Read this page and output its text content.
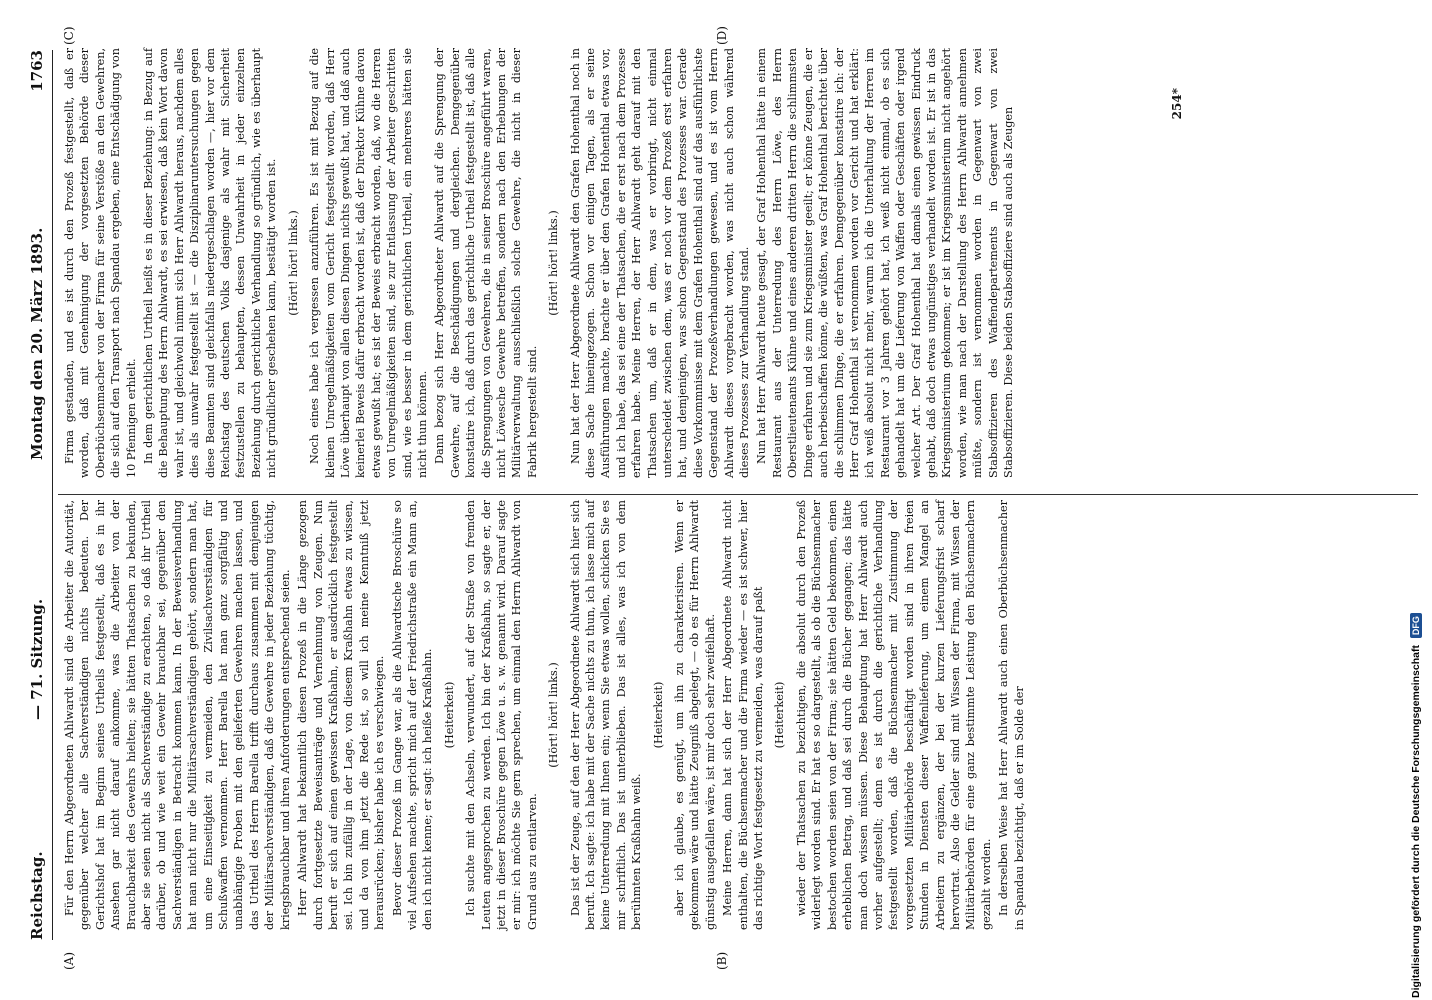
Reichstag.
— 71. Sitzung.
Montag den 20. März 1893.
1763
(A)	(B)
(C)	(D)

Für den Herrn Abgeordneten Ahlwardt sind die Arbeiter die Autorität, gegenüber welcher alle Sachverständigen nichts bedeuten. Der Gerichtshof hat im Beginn seines Urtheils festgestellt, daß es in ihr Ansehen gar nicht darauf ankomme, was die Arbeiter von der Brauchbarkeit des Gewehrs hielten; sie hätten Thatsachen zu bekunden, aber sie seien nicht als Sachverständige zu erachten, so daß ihr Urtheil darüber, ob und wie weit ein Gewehr brauchbar sei, gegenüber den Sachverständigen in Betracht kommen kann. In der Beweisverhandlung hat man nicht nur die Militärsachverständigen gehört, sondern man hat, um eine Einseitigkeit zu vermeiden, den Zivilsachverständigen für Schußwaffen vernommen. Herr Barella hat man ganz sorgfältig und unabhängige Proben mit den gelieferten Gewehren machen lassen, und das Urtheil des Herrn Barella trifft durchaus zusammen mit demjenigen der Militärsachverständigen, daß die Gewehre in jeder Beziehung tüchtig, kriegsbrauchbar und ihren Anforderungen entsprechend seien. Herr Ahlwardt hat bekanntlich diesen Prozeß in die Länge gezogen durch fortgesetzte Beweisanträge und Vernehmung von Zeugen. Nun beruft er sich auf einen gewissen Kraßhahn, er ausdrücklich festgestellt sei. Ich bin zufällig in der Lage, von diesem Kraßhahn etwas zu wissen, und da von ihm jetzt die Rede ist, so will ich meine Kenntniß jetzt herausrücken; bisher habe ich es verschwiegen. Bevor dieser Prozeß im Gange war, als die Ahlwardtsche Broschüre so viel Aufsehen machte, spricht mich auf der Friedrichstraße ein Mann an, den ich nicht kenne; er sagt: ich heiße Kraßhahn. (Heiterkeit) Ich suchte mit den Achseln, verwundert, auf der Straße von fremden Leuten angesprochen zu werden. Ich bin der Kraßhahn, so sagte er, der jetzt in dieser Broschüre gegen Löwe u. s. w. genannt wird. Darauf sagte er mir: ich möchte Sie gern sprechen, um einmal den Herrn Ahlwardt von Grund aus zu entlarven.

(Hört! hört! links.) Das ist der Zeuge, auf den der Herr Abgeordnete Ahlwardt sich hier sich beruft. Ich sagte: ich habe mit der Sache nichts zu thun, ich lasse mich auf keine Unterredung mit Ihnen ein; wenn Sie etwas wollen, schicken Sie es mir schriftlich. Das ist unterblieben. Das ist alles, was ich von dem berühmten Kraßhahn weiß.

(Heiterkeit) aber ich glaube, es genügt, um ihn zu charakterisiren. Wenn er gekommen wäre und hätte Zeugniß abgelegt, — ob es für Herrn Ahlwardt günstig ausgefallen wäre, ist mir doch sehr zweifelhaft. Meine Herren, dann hat sich der Herr Abgeordnete Ahlwardt nicht enthalten, die Büchsenmacher und die Firma wieder — es ist schwer, hier das richtige Wort festgesetzt zu vermeiden, was darauf paßt (Heiterkeit) wieder der Thatsachen zu bezichtigen, die absolut durch den Prozeß widerlegt worden sind. Er hat es so dargestellt, als ob die Büchsenmacher bestochen worden seien von der Firma; sie hätten Geld bekommen, einen erheblichen Betrag, und daß sei durch die Bücher gegangen; das hätte man doch wissen müssen. Diese Behauptung hat Herr Ahlwardt auch vorher aufgestellt; denn es ist durch die gerichtliche Verhandlung festgestellt worden, daß die Büchsenmacher mit Zustimmung der vorgesetzten Militärbehörde beschäftigt worden sind in ihren freien Stunden in Diensten dieser Waffenlieferung, um einem Mangel an Arbeitern zu ergänzen, der bei der kurzen Lieferungsfrist scharf hervortrat. Also die Gelder sind mit Wissen der Firma, mit Wissen der Militärbehörden für eine ganz bestimmte Leistung den Büchsenmachern gezahlt worden. In derselben Weise hat Herr Ahlwardt auch einen Oberbüchsenmacher in Spandau bezichtigt, daß er im Solde der

Firma gestanden, und es ist durch den Prozeß festgestellt, daß er worden, daß mit Genehmigung der vorgesetzten Behörde dieser Oberbüchsenmacher von der Firma für seine Verstöße an den Gewehren, die sich auf den Transport nach Spandau ergeben, eine Entschädigung von 10 Pfennigen erhielt. In dem gerichtlichen Urtheil heißt es in dieser Beziehung: in Bezug auf die Behauptung des Herrn Ahlwardt, es sei erwiesen, daß kein Wort davon wahr ist, und gleichwohl nimmt sich Herr Ahlwardt heraus, nachdem alles dies als unwahr festgestellt ist — die Disziplinaruntersuchungen gegen diese Beamten sind gleichfalls niedergeschlagen worden —, hier vor dem Reichstag des deutschen Volks dasjenige als wahr mit Sicherheit festzustellen zu behaupten, dessen Unwahrheit in jeder einzelnen Beziehung durch gerichtliche Verhandlung so gründlich, wie es überhaupt nicht gründlicher geschehen kann, bestätigt worden ist. (Hört! hört! links.) Noch eines habe ich vergessen anzuführen. Es ist mit Bezug auf die kleinen Unregelmäßigkeiten vom Gericht festgestellt worden, daß Herr Löwe überhaupt von allen diesen Dingen nichts gewußt hat, und daß auch keinerlei Beweis dafür erbracht worden ist, daß der Direktor Kühne davon etwas gewußt hat; es ist der Beweis erbracht worden, daß, wo die Herren von Unregelmäßigkeiten sind, sie zur Entlassung der Arbeiter geschritten sind, wie es besser in dem gerichtlichen Urtheil, ein mehreres hätten sie nicht thun können. Dann bezog sich Herr Abgeordneter Ahlwardt auf die Sprengung der Gewehre, auf die Beschädigungen und dergleichen. Demgegenüber konstatire ich, daß durch das gerichtliche Urtheil festgestellt ist, daß alle die Sprengungen von Gewehren, die in seiner Broschüre angeführt waren, nicht Löwesche Gewehre betreffen, sondern nach den Erhebungen der Militärverwaltung ausschließlich solche Gewehre, die nicht in dieser Fabrik hergestellt sind.

(Hört! hört! links.) Nun hat der Herr Abgeordnete Ahlwardt den Grafen Hohenthal noch in diese Sache hineingezogen. Schon vor einigen Tagen, als er seine Ausführungen machte, brachte er über den Grafen Hohenthal etwas vor, und ich habe, das sei eine der Thatsachen, die er erst nach dem Prozesse erfahren habe. Meine Herren, der Herr Ahlwardt geht darauf mit den Thatsachen um, daß er in dem, was er vorbringt, nicht einmal unterscheidet zwischen dem, was er noch vor dem Prozeß erst erfahren hat, und demjenigen, was schon Gegenstand des Prozesses war. Gerade diese Vorkommnisse mit dem Grafen Hohenthal sind auf das ausführlichste Gegenstand der Prozeßverhandlungen gewesen, und es ist vom Herrn Ahlwardt dieses vorgebracht worden, was nicht auch schon während dieses Prozesses zur Verhandlung stand. Nun hat Herr Ahlwardt heute gesagt, der Graf Hohenthal hätte in einem Restaurant aus der Unterredung des Herrn Löwe, des Herrn Oberstlieutenants Kühne und eines anderen dritten Herrn die schlimmsten Dinge erfahren und sie zum Kriegsminister geeilt; er könne Zeugen, die er auch herbeischaffen könne, die wüßten, was Graf Hohenthal berichtet über die schlimmen Dinge, die er erfahren. Demgegenüber konstatire ich: der Herr Graf Hohenthal ist vernommen worden vor Gericht und hat erklärt: ich weiß absolut nicht mehr, warum ich die Unterhaltung der Herren im Restaurant vor 3 Jahren gehört hat, ich weiß nicht einmal, ob es sich gehandelt hat um die Lieferung von Waffen oder Geschäften oder irgend welcher Art. Der Graf Hohenthal hat damals einen gewissen Eindruck gehabt, daß doch etwas ungünstiges verhandelt worden ist. Er ist in das Kriegsministerium gekommen; er ist im Kriegsministerium nicht angehört worden, wie man nach der Darstellung des Herrn Ahlwardt annehmen müßte, sondern ist vernommen worden in Gegenwart von zwei Stabsoffizieren des Waffendepartements in Gegenwart von zwei Stabsoffizieren. Diese beiden Stabsoffiziere sind auch als Zeugen

254*
Digitalisierung gefördert durch die Deutsche Forschungsgemeinschaft DFG
